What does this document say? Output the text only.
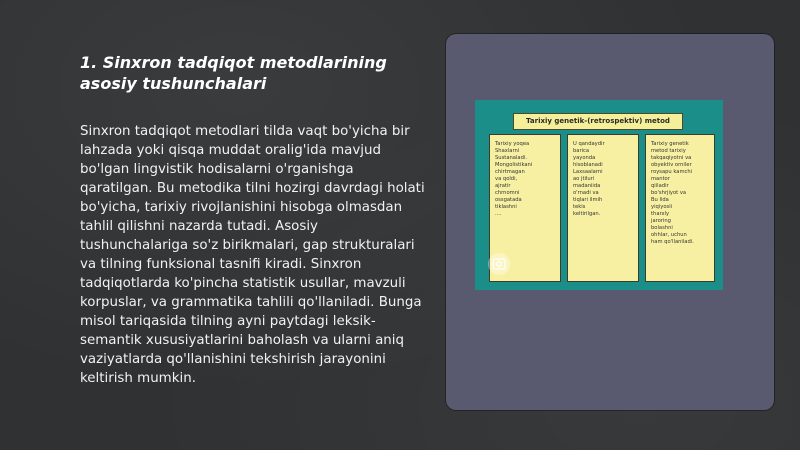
1. Sinxron tadqiqot metodlarining asosiy tushunchalari

Sinxron tadqiqot metodlari tilda vaqt bo'yicha bir lahzada yoki qisqa muddat oralig'ida mavjud bo'lgan lingvistik hodisalarni o'rganishga qaratilgan. Bu metodika tilni hozirgi davrdagi holati bo'yicha, tarixiy rivojlanishini hisobga olmasdan tahlil qilishni nazarda tutadi. Asosiy tushunchalariga so'z birikmalari, gap strukturalari va tilning funksional tasnifi kiradi. Sinxron tadqiqotlarda ko'pincha statistik usullar, mavzuli korpuslar, va grammatika tahlili qo'llaniladi. Bunga misol tariqasida tilning ayni paytdagi leksik-semantik xususiyatlarini baholash va ularni aniq vaziyatlarda qo'llanishini tekshirish jarayonini keltirish mumkin.

Tarixiy genetik-(retrospektiv) metod
Tarixiy yoqea
Shaxlarni
Sustanaladi.
Mongolistikani
chirtmagan
va qoldi,
ajratir
chrnomni
ossgatada
tiklashni
....
U qandaydir
barica
yayonda
hisoblanadi
Laxsaalarni
ao jtiluri
madaniida
o'rnadi va
tiqlari ilmih
tekis
keltirilgan.
Tarixiy genetik
metod tarixiy
takqaqiyotni va
obyektiv orniler
roysapu kamchi
mantor
qiiladir
bo'shrjiyot va
Bu lida
yiqiyosli
tharxly
jaroring
bolashni
ohhlar, uchun
ham qo'llaniladi.
